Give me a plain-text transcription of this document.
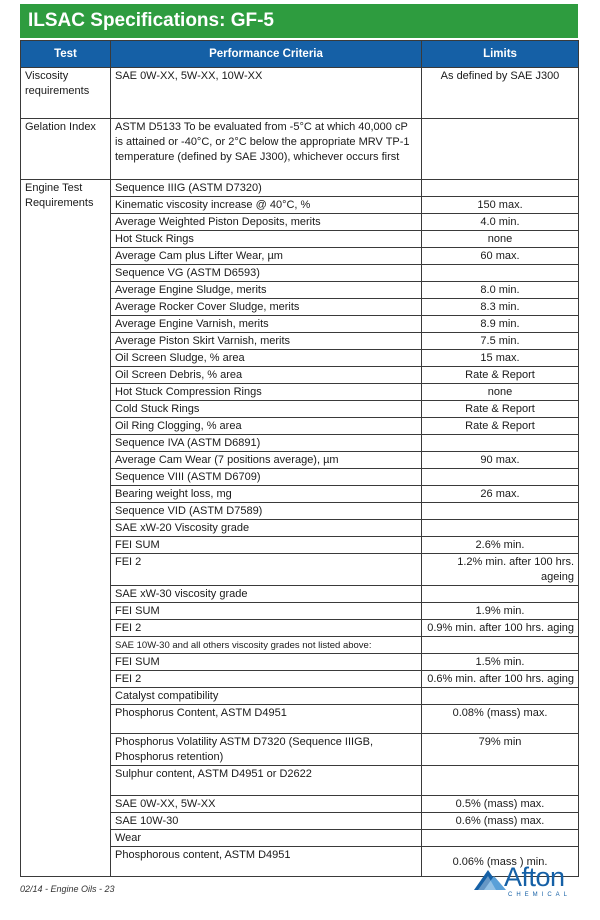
ILSAC Specifications: GF-5
Test	Performance Criteria	Limits
Viscosity requirements	SAE 0W-XX, 5W-XX, 10W-XX	As defined by SAE J300
Gelation Index	ASTM D5133 To be evaluated from -5°C at which 40,000 cP is attained or -40°C, or 2°C below the appropriate MRV TP-1 temperature (defined by SAE J300), whichever occurs first	
Engine Test Requirements	Sequence IIIG (ASTM D7320)	
	Kinematic viscosity increase @ 40°C, %	150 max.
	Average Weighted Piston Deposits, merits	4.0 min.
	Hot Stuck Rings	none
	Average Cam plus Lifter Wear, µm	60 max.
	Sequence VG (ASTM D6593)	
	Average Engine Sludge, merits	8.0 min.
	Average Rocker Cover Sludge, merits	8.3 min.
	Average Engine Varnish, merits	8.9 min.
	Average Piston Skirt Varnish, merits	7.5 min.
	Oil Screen Sludge, % area	15 max.
	Oil Screen Debris, % area	Rate & Report
	Hot Stuck Compression Rings	none
	Cold Stuck Rings	Rate & Report
	Oil Ring Clogging, % area	Rate & Report
	Sequence IVA (ASTM D6891)	
	Average Cam Wear (7 positions average), µm	90 max.
	Sequence VIII (ASTM D6709)	
	Bearing weight loss, mg	26 max.
	Sequence VID (ASTM D7589)	
	SAE xW-20 Viscosity grade	
	FEI SUM	2.6% min.
	FEI 2	1.2% min. after 100 hrs. ageing
	SAE xW-30 viscosity grade	
	FEI SUM	1.9% min.
	FEI 2	0.9% min. after 100 hrs. aging
	SAE 10W-30 and all others viscosity grades not listed above:	
	FEI SUM	1.5% min.
	FEI 2	0.6% min. after 100 hrs. aging
	Catalyst compatibility	
	Phosphorus Content, ASTM D4951	0.08% (mass) max.
	Phosphorus Volatility ASTM D7320 (Sequence IIIGB, Phosphorus retention)	79% min
	Sulphur content, ASTM D4951 or D2622	
	SAE 0W-XX, 5W-XX	0.5% (mass) max.
	SAE 10W-30	0.6% (mass) max.
	Wear	
	Phosphorous content, ASTM D4951	0.06% (mass ) min.
02/14 - Engine Oils - 23	Afton
CHEMICAL
